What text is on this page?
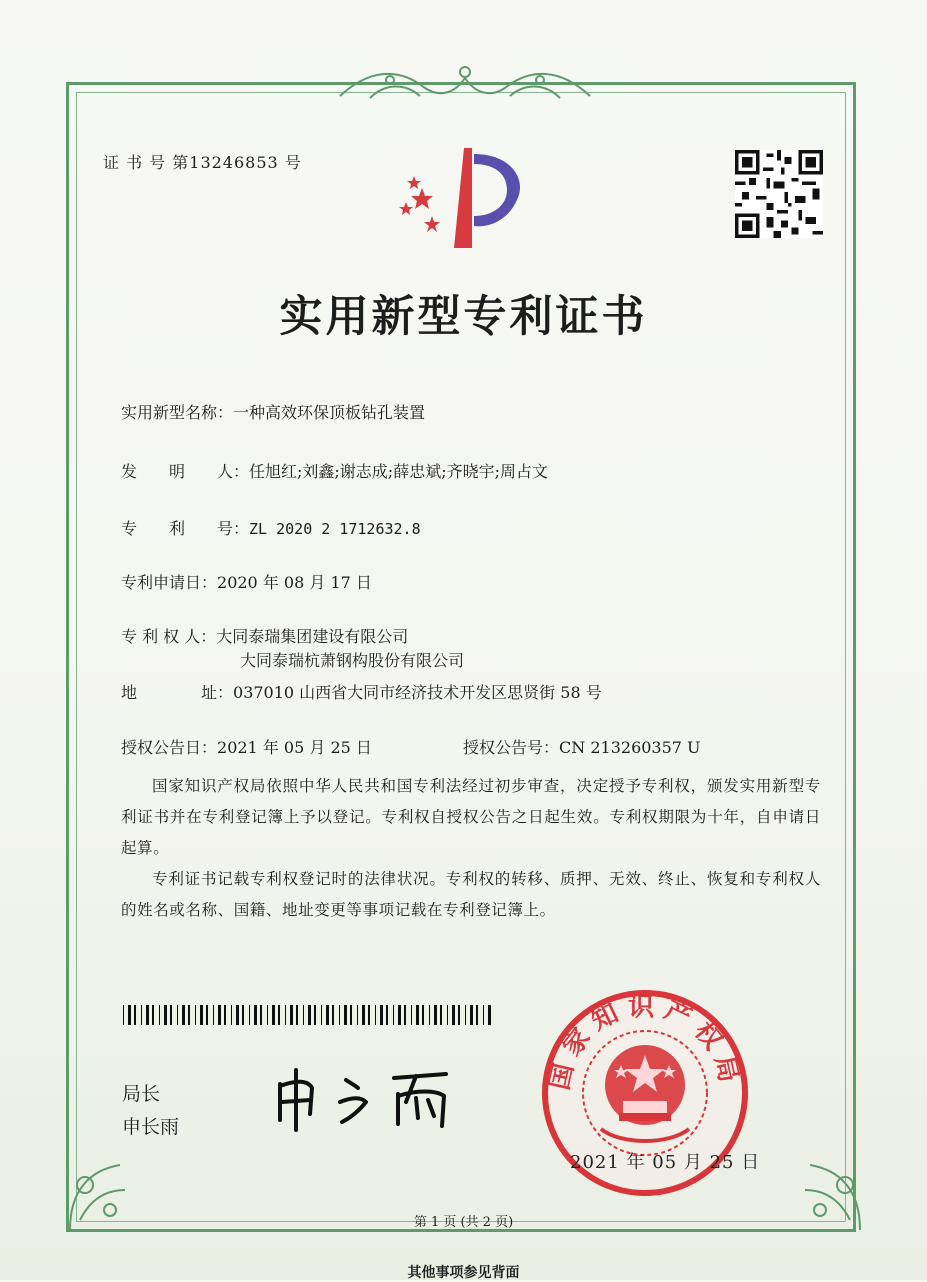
证 书 号 第13246853 号
实用新型专利证书
实用新型名称：一种高效环保顶板钻孔装置
发　　明　　人：任旭红;刘鑫;谢志成;薛忠斌;齐晓宇;周占文
专　　利　　号：ZL 2020 2 1712632.8
专利申请日：2020 年 08 月 17 日
专 利 权 人：大同泰瑞集团建设有限公司
大同泰瑞杭萧钢构股份有限公司
地　　　　址：037010 山西省大同市经济技术开发区思贤街 58 号
授权公告日：2021 年 05 月 25 日	授权公告号：CN 213260357 U
国家知识产权局依照中华人民共和国专利法经过初步审查，决定授予专利权，颁发实用新型专利证书并在专利登记簿上予以登记。专利权自授权公告之日起生效。专利权期限为十年，自申请日起算。
专利证书记载专利权登记时的法律状况。专利权的转移、质押、无效、终止、恢复和专利权人的姓名或名称、国籍、地址变更等事项记载在专利登记簿上。
局长
申长雨
国家知识产权局
2021 年 05 月 25 日
第 1 页 (共 2 页)
其他事项参见背面
